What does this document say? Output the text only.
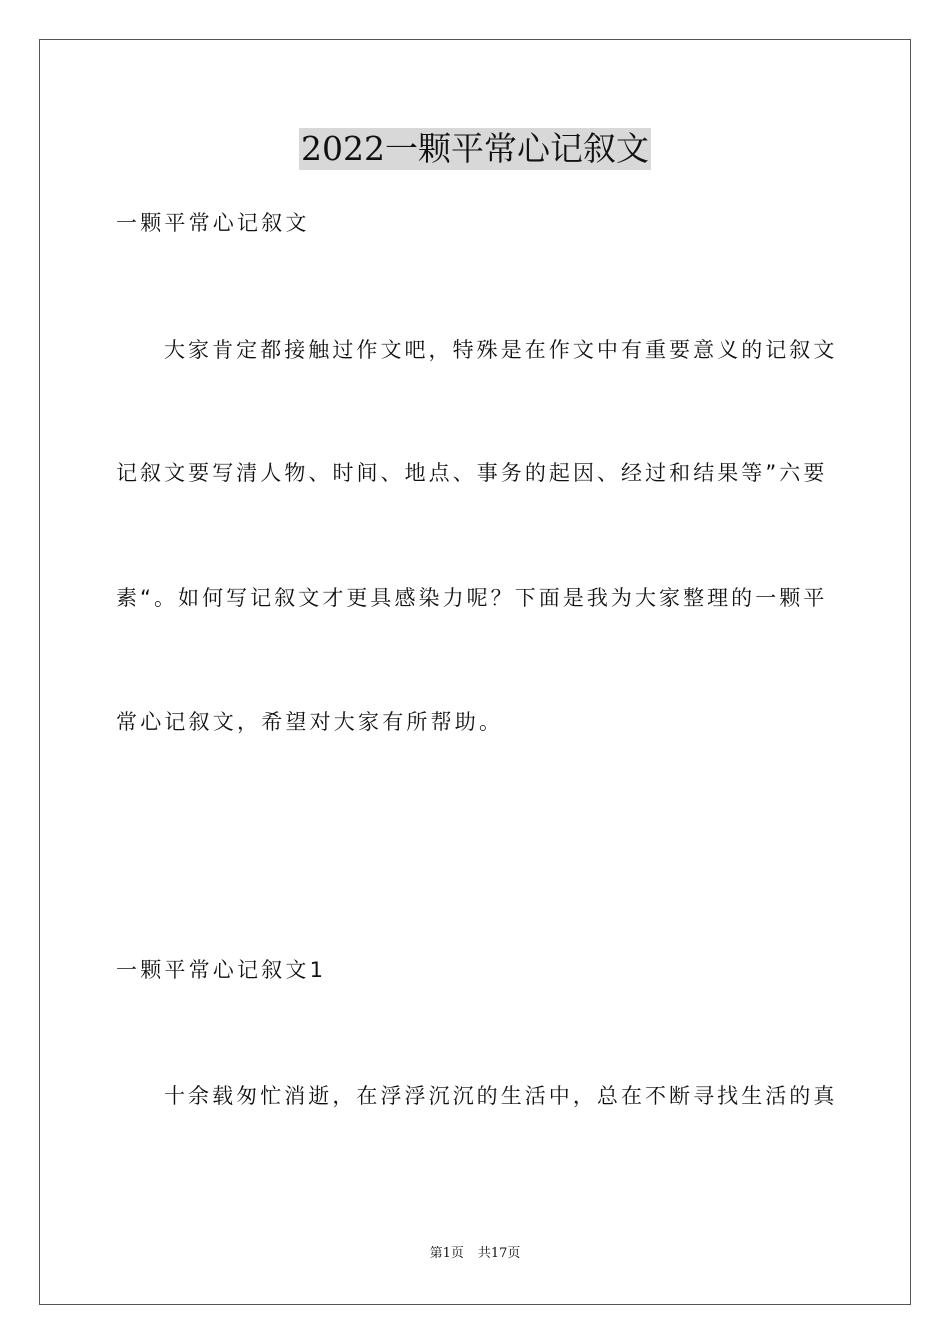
2022一颗平常心记叙文
一颗平常心记叙文
大家肯定都接触过作文吧，特殊是在作文中有重要意义的记叙文
记叙文要写清人物、时间、地点、事务的起因、经过和结果等”六要
素“。如何写记叙文才更具感染力呢？下面是我为大家整理的一颗平
常心记叙文，希望对大家有所帮助。
一颗平常心记叙文1
十余载匆忙消逝，在浮浮沉沉的生活中，总在不断寻找生活的真
第1页 共17页
